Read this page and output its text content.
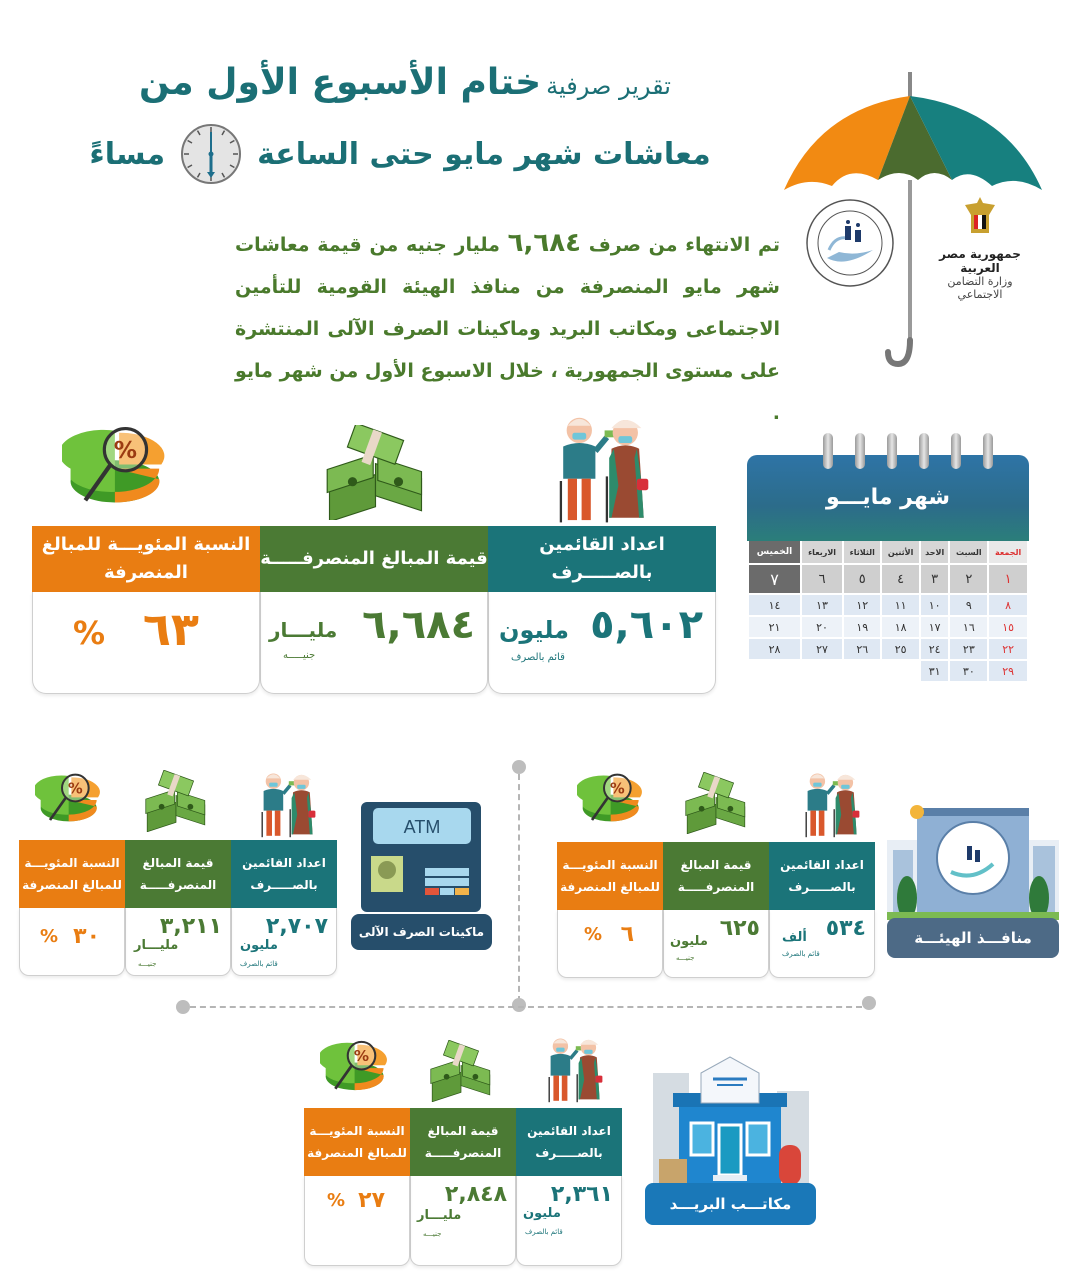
تقرير صرفية ختام الأسبوع الأول من
معاشات شهر مايو حتى الساعة
مساءً

تم الانتهاء من صرف ٦,٦٨٤ مليار جنيه من قيمة معاشات شهر مايو المنصرفة من منافذ الهيئة القومية للتأمين الاجتماعى ومكاتب البريد وماكينات الصرف الآلى المنتشرة على مستوى الجمهورية ، خلال الاسبوع الأول من شهر مايو .

جمهورية مصر العربية
وزارة التضامن الاجتماعي
اعداد القائمين بالصـــــرف
٥,٦٠٢
مليون
قائم بالصرف
قيمة المبالغ المنصرفـــــة
٦,٦٨٤
مليـــار
جنيـــــه
النسبة المئويـــة للمبالغ المنصرفة
٦٣
%
شهر مايـــو
الجمعة	السبت	الاحد	الأثنين	الثلاثاء	الاربعاء	الخميس
١	٢	٣	٤	٥	٦	٧
٨	٩	١٠	١١	١٢	١٣	١٤
١٥	١٦	١٧	١٨	١٩	٢٠	٢١
٢٢	٢٣	٢٤	٢٥	٢٦	٢٧	٢٨
٢٩	٣٠	٣١				
منافـــذ الهيئـــة
اعداد القائمين بالصـــــرف
٥٣٤
ألف
قائم بالصرف
قيمة المبالغ المنصرفـــــة
٦٢٥
مليون
جنيـــه
النسبة المئويـــة للمبالغ المنصرفة
٦
%
ATM
ماكينات الصرف الآلى
اعداد القائمين بالصـــــرف
٢,٧٠٧
مليون
قائم بالصرف
قيمة المبالغ المنصرفـــــة
٣,٢١١
مليـــار
جنيـــه
النسبة المئويـــة للمبالغ المنصرفة
٣٠
%
مكاتـــب البريـــد
اعداد القائمين بالصـــــرف
٢,٣٦١
مليون
قائم بالصرف
قيمة المبالغ المنصرفـــــة
٢,٨٤٨
مليـــار
جنيـــه
النسبة المئويـــة للمبالغ المنصرفة
٢٧
%
